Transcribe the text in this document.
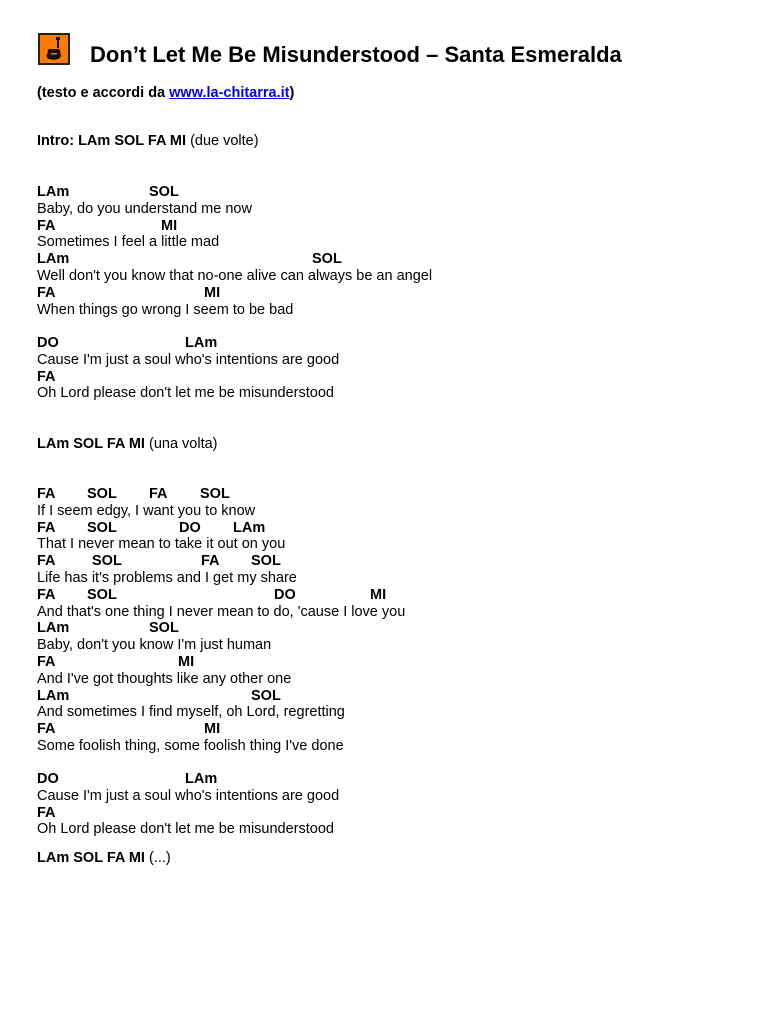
Don’t Let Me Be Misunderstood – Santa Esmeralda
(testo e accordi da www.la-chitarra.it)
Intro: LAm SOL FA MI (due volte)
LAm	SOL
Baby, do you understand me now
FA	MI
Sometimes I feel a little mad
LAm	SOL
Well don't you know that no-one alive can always be an angel
FA	MI
When things go wrong I seem to be bad
DO	LAm
Cause I'm just a soul who's intentions are good
FA
Oh Lord please don't let me be misunderstood
LAm SOL FA MI (una volta)
FA SOL FA SOL
If I seem edgy, I want you to know
FA SOL	DO LAm
That I never mean to take it out on you
FA	SOL	FA SOL
Life has it's problems and I get my share
FA SOL	DO	MI
And that's one thing I never mean to do, 'cause I love you
LAm	SOL
Baby, don't you know I'm just human
FA	MI
And I've got thoughts like any other one
LAm	SOL
And sometimes I find myself, oh Lord, regretting
FA	MI
Some foolish thing, some foolish thing I've done
DO	LAm
Cause I'm just a soul who's intentions are good
FA
Oh Lord please don't let me be misunderstood
LAm SOL FA MI (...)
